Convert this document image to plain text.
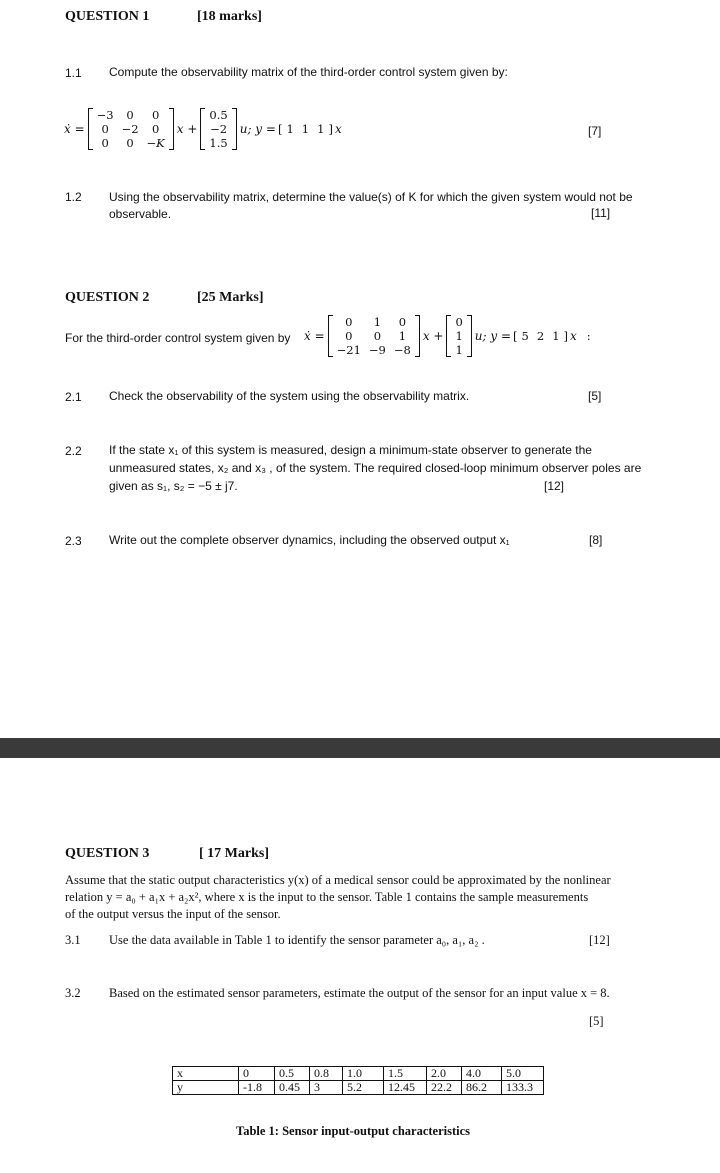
QUESTION 1	[18 marks]
1.1 Compute the observability matrix of the third-order control system given by:
ẋ =
−3	0	0
0	−2	0
0	0	−K
x +
0.5
−2
1.5
u; y = [ 1 1 1 ] x	[7]
1.2 Using the observability matrix, determine the value(s) of K for which the given system would not be
observable.	[11]
QUESTION 2	[25 Marks]
For the third-order control system given by ẋ =
0	1	0
0	0	1
−21	−9	−8
x +
0
1
1
u; y = [ 5 2 1 ] x :
2.1 Check the observability of the system using the observability matrix.	[5]
2.2 If the state x₁ of this system is measured, design a minimum-state observer to generate the
unmeasured states, x₂ and x₃ , of the system. The required closed-loop minimum observer poles are
given as s₁, s₂ = −5 ± j7.	[12]
2.3 Write out the complete observer dynamics, including the observed output x₁	[8]
QUESTION 3	[ 17 Marks]
Assume that the static output characteristics y(x) of a medical sensor could be approximated by the nonlinear
relation y = a₀ + a₁x + a₂x², where x is the input to the sensor. Table 1 contains the sample measurements
of the output versus the input of the sensor.
3.1 Use the data available in Table 1 to identify the sensor parameter a₀, a₁, a₂ .	[12]
3.2 Based on the estimated sensor parameters, estimate the output of the sensor for an input value x = 8.
[5]
x	0	0.5	0.8	1.0	1.5	2.0	4.0	5.0
y	-1.8	0.45	3	5.2	12.45	22.2	86.2	133.3
Table 1: Sensor input-output characteristics
